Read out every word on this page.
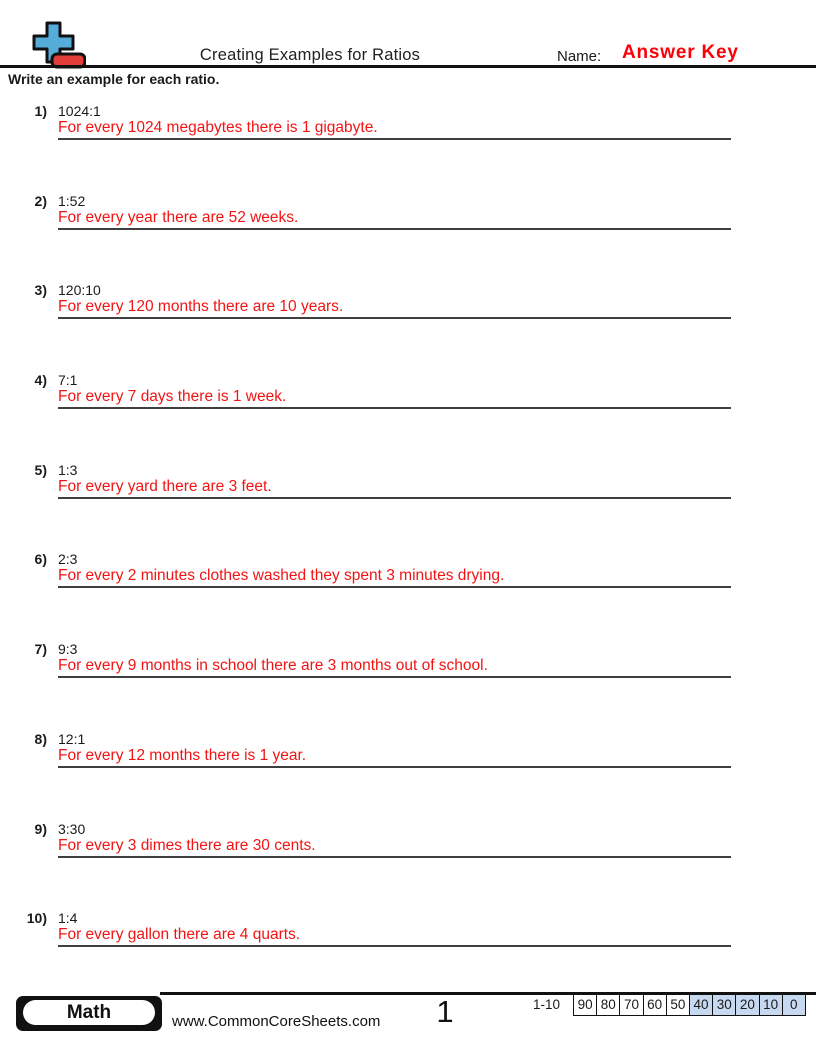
Creating Examples for Ratios	Name: Answer Key
Write an example for each ratio.
1) 1024:1
For every 1024 megabytes there is 1 gigabyte.
2) 1:52
For every year there are 52 weeks.
3) 120:10
For every 120 months there are 10 years.
4) 7:1
For every 7 days there is 1 week.
5) 1:3
For every yard there are 3 feet.
6) 2:3
For every 2 minutes clothes washed they spent 3 minutes drying.
7) 9:3
For every 9 months in school there are 3 months out of school.
8) 12:1
For every 12 months there is 1 year.
9) 3:30
For every 3 dimes there are 30 cents.
10) 1:4
For every gallon there are 4 quarts.
Math	www.CommonCoreSheets.com	1	1-10 90 80 70 60 50 40 30 20 10 0
